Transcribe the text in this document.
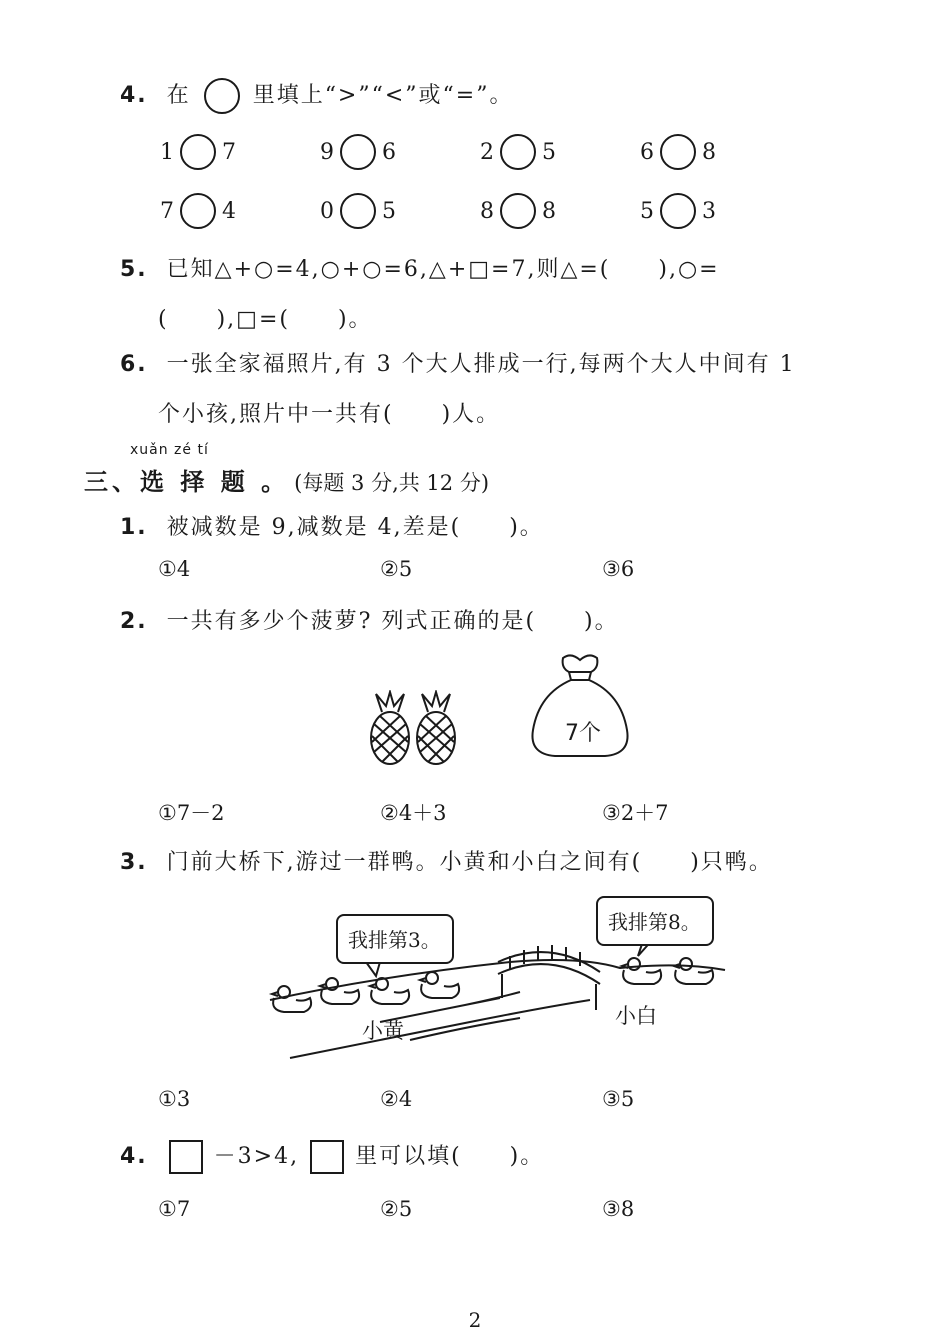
4. 在	里填上“>”“<”或“=”。
1 7	9 6	2 5	6 8
7 4	0 5	8 8	5 3
5. 已知△+○=4,○+○=6,△+□=7,则△=(　　),○=
(　　),□=(　　)。
6. 一张全家福照片,有 3 个大人排成一行,每两个大人中间有 1
个小孩,照片中一共有(　　)人。
xuǎn zé tí
三、选 择 题 。 (每题 3 分,共 12 分)
1. 被减数是 9,减数是 4,差是(　　)。
①4	②5	③6
2. 一共有多少个菠萝? 列式正确的是(　　)。
7个
①7－2	②4＋3	③2＋7
3. 门前大桥下,游过一群鸭。小黄和小白之间有(　　)只鸭。
我排第3。
我排第8。
小黄
小白
①3	②4	③5
4.	－3>4,	里可以填(　　)。
①7	②5	③8
2
